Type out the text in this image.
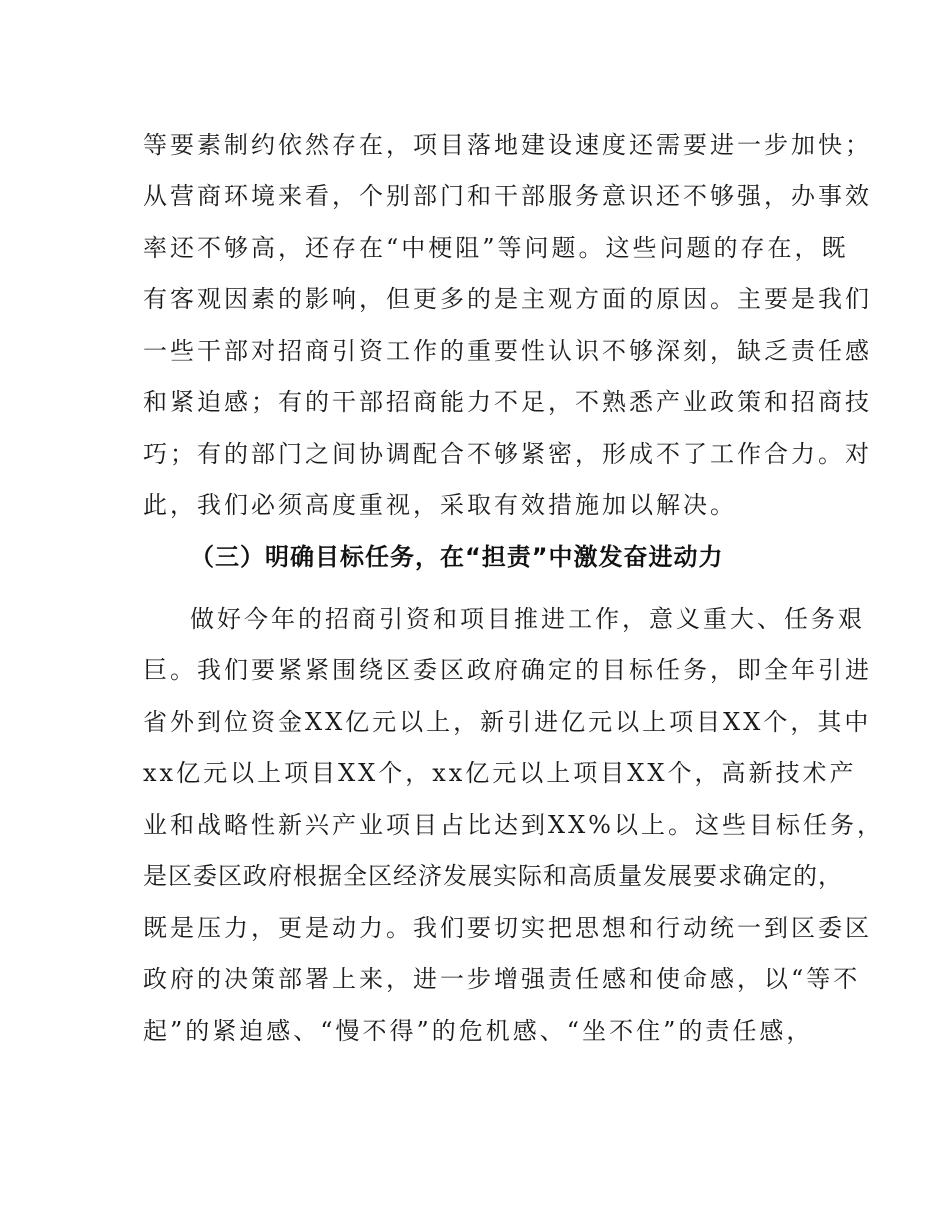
等要素制约依然存在，项目落地建设速度还需要进一步加快；
从营商环境来看，个别部门和干部服务意识还不够强，办事效
率还不够高，还存在“中梗阻”等问题。这些问题的存在，既
有客观因素的影响，但更多的是主观方面的原因。主要是我们
一些干部对招商引资工作的重要性认识不够深刻，缺乏责任感
和紧迫感；有的干部招商能力不足，不熟悉产业政策和招商技
巧；有的部门之间协调配合不够紧密，形成不了工作合力。对
此，我们必须高度重视，采取有效措施加以解决。
（三）明确目标任务，在“担责”中激发奋进动力
做好今年的招商引资和项目推进工作，意义重大、任务艰
巨。我们要紧紧围绕区委区政府确定的目标任务，即全年引进
省外到位资金XX亿元以上，新引进亿元以上项目XX个，其中
xx亿元以上项目XX个，xx亿元以上项目XX个，高新技术产
业和战略性新兴产业项目占比达到XX%以上。这些目标任务，
是区委区政府根据全区经济发展实际和高质量发展要求确定的，
既是压力，更是动力。我们要切实把思想和行动统一到区委区
政府的决策部署上来，进一步增强责任感和使命感，以“等不
起”的紧迫感、“慢不得”的危机感、“坐不住”的责任感，
